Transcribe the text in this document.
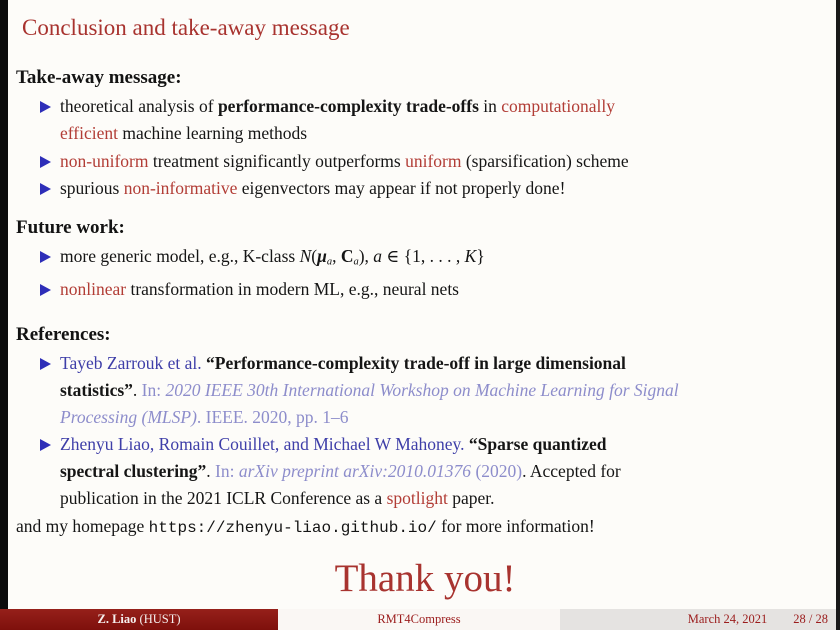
Conclusion and take-away message
Take-away message:
theoretical analysis of performance-complexity trade-offs in computationally
efficient machine learning methods
non-uniform treatment significantly outperforms uniform (sparsification) scheme
spurious non-informative eigenvectors may appear if not properly done!
Future work:
more generic model, e.g., K-class N(μa, Ca), a ∈ {1, . . . , K}
nonlinear transformation in modern ML, e.g., neural nets
References:
Tayeb Zarrouk et al. “Performance-complexity trade-off in large dimensional
statistics”. In: 2020 IEEE 30th International Workshop on Machine Learning for Signal
Processing (MLSP). IEEE. 2020, pp. 1–6
Zhenyu Liao, Romain Couillet, and Michael W Mahoney. “Sparse quantized
spectral clustering”. In: arXiv preprint arXiv:2010.01376 (2020). Accepted for
publication in the 2021 ICLR Conference as a spotlight paper.
and my homepage https://zhenyu-liao.github.io/ for more information!
Thank you!
Z. Liao (HUST)	RMT4Compress	March 24, 2021 28 / 28
